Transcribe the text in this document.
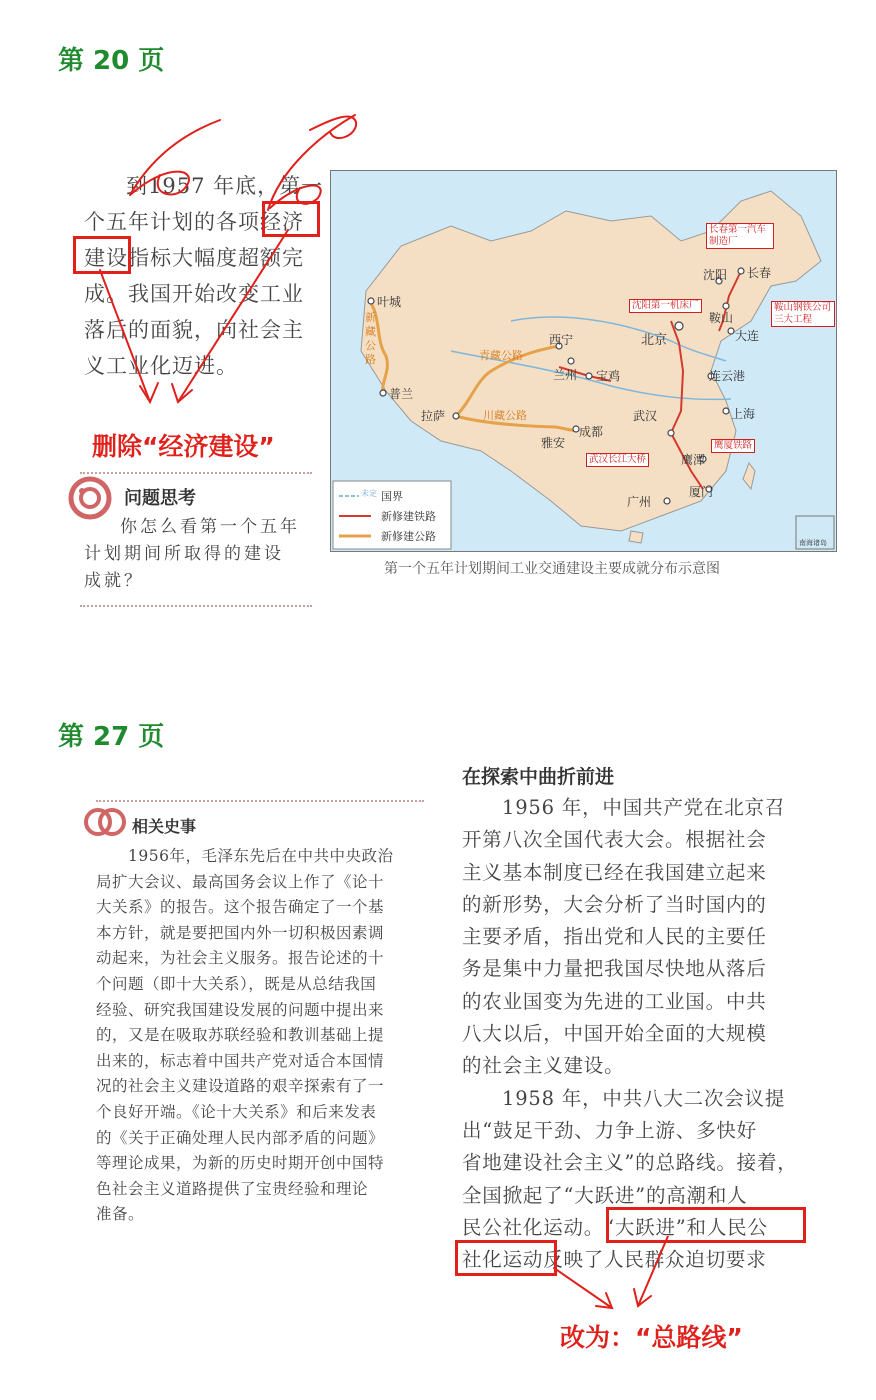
第 20 页
到1957 年底，第一
个五年计划的各项经济
建设指标大幅度超额完
成。我国开始改变工业
落后的面貌，向社会主
义工业化迈进。
删除“经济建设”
问题思考
你怎么看第一个五年
计划期间所取得的建设
成就？
叶城
普兰
拉萨
雅安
成都
西宁
兰州 宝鸡
北京
沈阳 长春
鞍山
大连
连云港
上海
武汉
鹰潭
厦门
广州
新藏公路	青藏公路
川藏公路
长春第一汽车制造厂
沈阳第一机床厂	鞍山钢铁公司三大工程
武汉长江大桥
鹰厦铁路
未定 国界
新修建铁路
新修建公路	南海诸岛
第一个五年计划期间工业交通建设主要成就分布示意图
第 27 页
相关史事
1956年，毛泽东先后在中共中央政治
局扩大会议、最高国务会议上作了《论十
大关系》的报告。这个报告确定了一个基
本方针，就是要把国内外一切积极因素调
动起来，为社会主义服务。报告论述的十
个问题（即十大关系），既是从总结我国
经验、研究我国建设发展的问题中提出来
的，又是在吸取苏联经验和教训基础上提
出来的，标志着中国共产党对适合本国情
况的社会主义建设道路的艰辛探索有了一
个良好开端。《论十大关系》和后来发表
的《关于正确处理人民内部矛盾的问题》
等理论成果，为新的历史时期开创中国特
色社会主义道路提供了宝贵经验和理论
准备。
在探索中曲折前进
1956 年，中国共产党在北京召
开第八次全国代表大会。根据社会
主义基本制度已经在我国建立起来
的新形势，大会分析了当时国内的
主要矛盾，指出党和人民的主要任
务是集中力量把我国尽快地从落后
的农业国变为先进的工业国。中共
八大以后，中国开始全面的大规模
的社会主义建设。
1958 年，中共八大二次会议提
出“鼓足干劲、力争上游、多快好
省地建设社会主义”的总路线。接着，
全国掀起了“大跃进”的高潮和人
民公社化运动。“大跃进”和人民公
社化运动反映了人民群众迫切要求
改为：“总路线”
